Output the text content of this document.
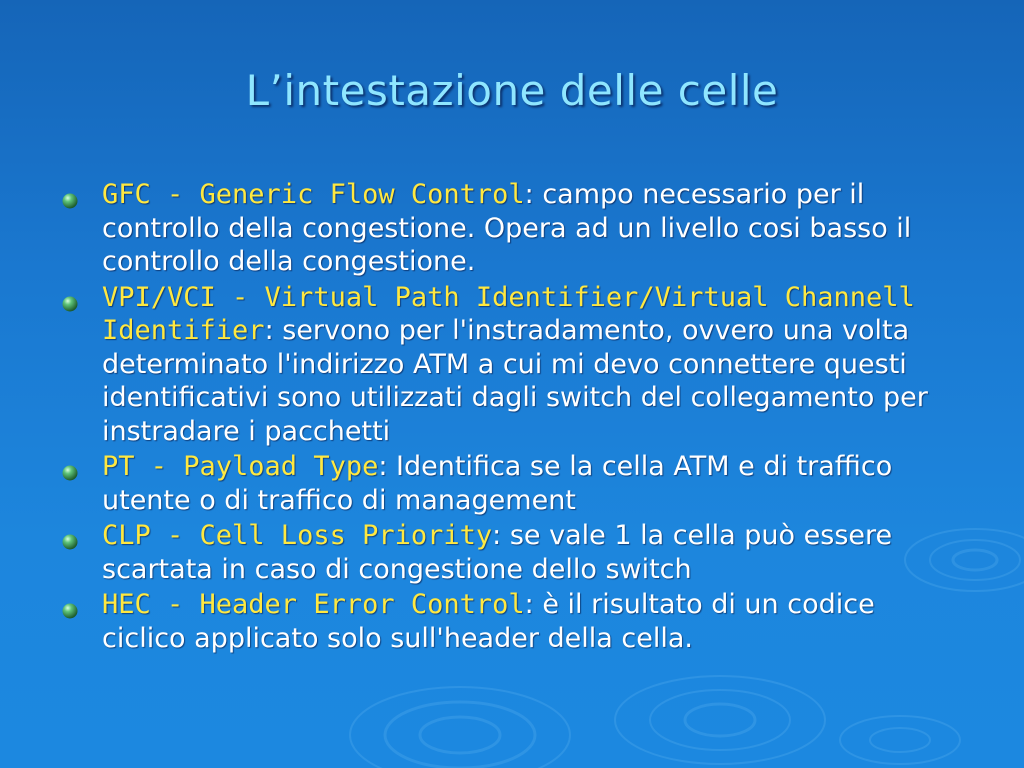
L’intestazione delle celle
GFC - Generic Flow Control: campo necessario per il controllo della congestione. Opera ad un livello cosi basso il controllo della congestione.
VPI/VCI - Virtual Path Identifier/Virtual Channell Identifier: servono per l'instradamento, ovvero una volta determinato l'indirizzo ATM a cui mi devo connettere questi identificativi sono utilizzati dagli switch del collegamento per instradare i pacchetti
PT - Payload Type: Identifica se la cella ATM e di traffico utente o di traffico di management
CLP - Cell Loss Priority: se vale 1 la cella può essere scartata in caso di congestione dello switch
HEC - Header Error Control: è il risultato di un codice ciclico applicato solo sull'header della cella.
